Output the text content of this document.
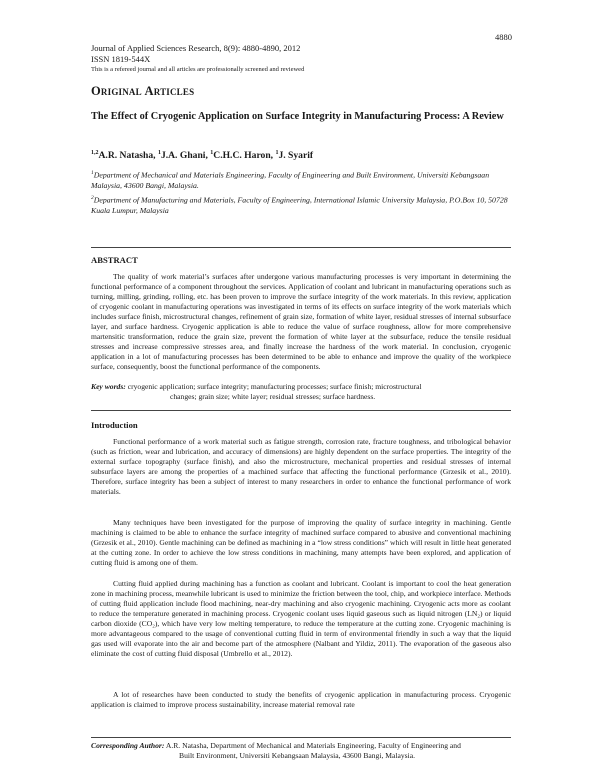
4880
Journal of Applied Sciences Research, 8(9): 4880-4890, 2012
ISSN 1819-544X
This is a refereed journal and all articles are professionally screened and reviewed
Original Articles
The Effect of Cryogenic Application on Surface Integrity in Manufacturing Process: A Review
$^{1,2}$A.R. Natasha, $^1$J.A. Ghani, $^1$C.H.C. Haron, $^1$J. Syarif
$^1$Department of Mechanical and Materials Engineering, Faculty of Engineering and Built Environment, Universiti Kebangsaan Malaysia, 43600 Bangi, Malaysia.
$^2$Department of Manufacturing and Materials, Faculty of Engineering, International Islamic University Malaysia, P.O.Box 10, 50728 Kuala Lumpur, Malaysia
ABSTRACT
The quality of work material’s surfaces after undergone various manufacturing processes is very important in determining the functional performance of a component throughout the services. Application of coolant and lubricant in manufacturing operations such as turning, milling, grinding, rolling, etc. has been proven to improve the surface integrity of the work materials. In this review, application of cryogenic coolant in manufacturing operations was investigated in terms of its effects on surface integrity of the work materials which includes surface finish, microstructural changes, refinement of grain size, formation of white layer, residual stresses of internal subsurface layer, and surface hardness. Cryogenic application is able to reduce the value of surface roughness, allow for more comprehensive martensitic transformation, reduce the grain size, prevent the formation of white layer at the subsurface, reduce the tensile residual stresses and increase compressive stresses area, and finally increase the hardness of the work material. In conclusion, cryogenic application in a lot of manufacturing processes has been determined to be able to enhance and improve the quality of the workpiece surface, consequently, boost the functional performance of the components.
Key words: cryogenic application; surface integrity; manufacturing processes; surface finish; microstructural
changes; grain size; white layer; residual stresses; surface hardness.
Introduction
Functional performance of a work material such as fatigue strength, corrosion rate, fracture toughness, and tribological behavior (such as friction, wear and lubrication, and accuracy of dimensions) are highly dependent on the surface properties. The integrity of the external surface topography (surface finish), and also the microstructure, mechanical properties and residual stresses of internal subsurface layers are among the properties of a machined surface that affecting the functional performance (Grzesik et al., 2010). Therefore, surface integrity has been a subject of interest to many researchers in order to enhance the functional performance of work materials.
Many techniques have been investigated for the purpose of improving the quality of surface integrity in machining. Gentle machining is claimed to be able to enhance the surface integrity of machined surface compared to abusive and conventional machining (Grzesik et al., 2010). Gentle machining can be defined as machining in a “low stress conditions” which will result in little heat generated at the cutting zone. In order to achieve the low stress conditions in machining, many attempts have been explored, and application of cutting fluid is among one of them.
Cutting fluid applied during machining has a function as coolant and lubricant. Coolant is important to cool the heat generation zone in machining process, meanwhile lubricant is used to minimize the friction between the tool, chip, and workpiece interface. Methods of cutting fluid application include flood machining, near-dry machining and also cryogenic machining. Cryogenic acts more as coolant to reduce the temperature generated in machining process. Cryogenic coolant uses liquid gaseous such as liquid nitrogen (LN₂) or liquid carbon dioxide (CO₂), which have very low melting temperature, to reduce the temperature at the cutting zone. Cryogenic machining is more advantageous compared to the usage of conventional cutting fluid in term of environmental friendly in such a way that the liquid gas used will evaporate into the air and become part of the atmosphere (Nalbant and Yildiz, 2011). The evaporation of the gaseous also eliminate the cost of cutting fluid disposal (Umbrello et al., 2012).
A lot of researches have been conducted to study the benefits of cryogenic application in manufacturing process. Cryogenic application is claimed to improve process sustainability, increase material removal rate
Corresponding Author: A.R. Natasha, Department of Mechanical and Materials Engineering, Faculty of Engineering and
Built Environment, Universiti Kebangsaan Malaysia, 43600 Bangi, Malaysia.
